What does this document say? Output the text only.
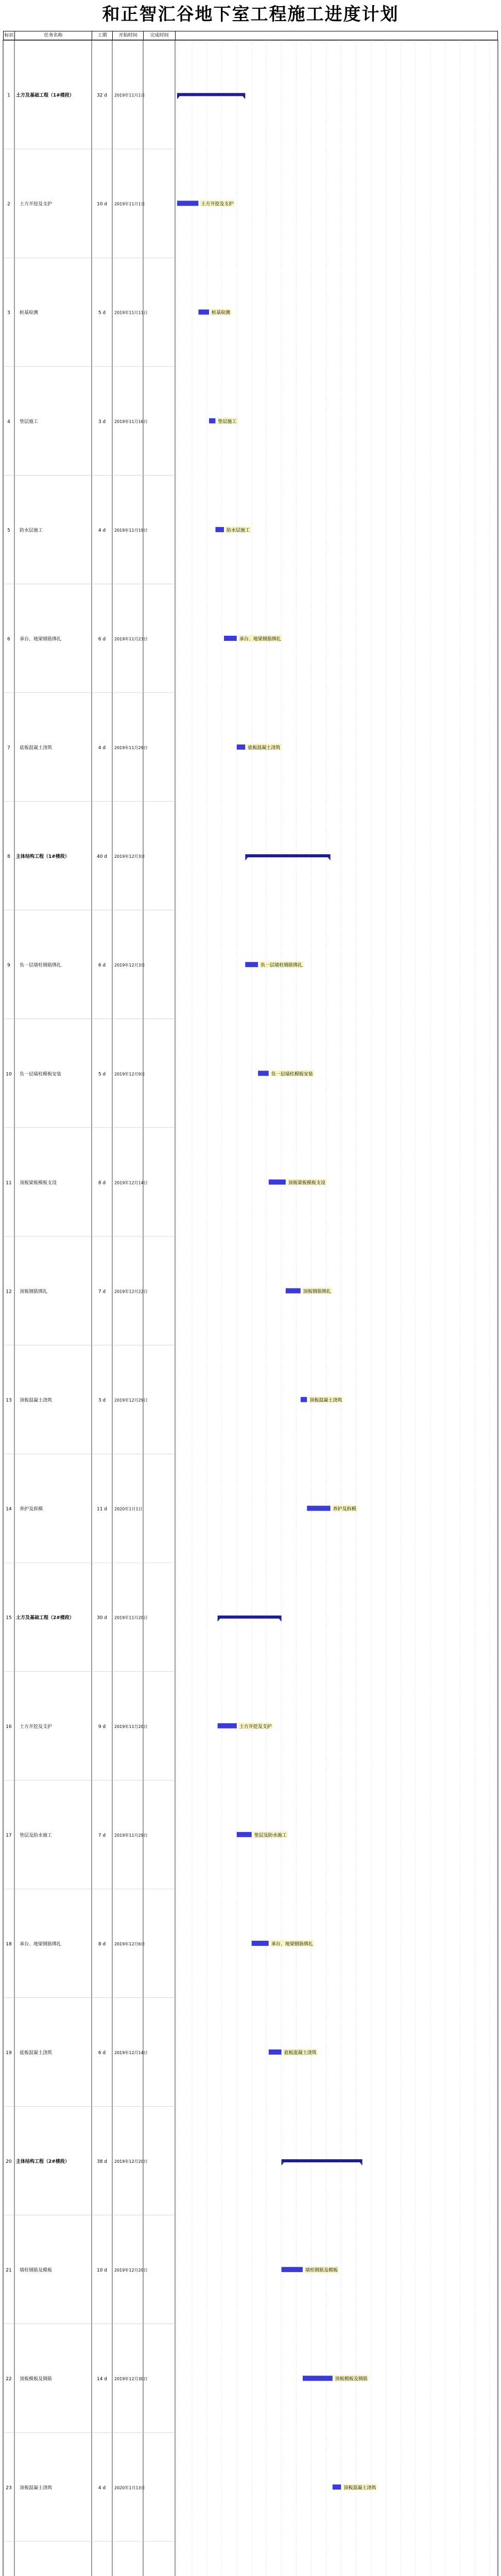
和正智汇谷地下室工程施工进度计划
标识	任务名称	工期	开始时间	完成时间
1 土方及基础工程（1#楼段）	32 d 2019年11月1日
2 土方开挖及支护	10 d 2019年11月1日	土方开挖及支护
3 桩基检测	5 d 2019年11月11日	桩基检测
4 垫层施工	3 d 2019年11月16日	垫层施工
5 防水层施工	4 d 2019年11月19日	防水层施工
6 承台、地梁钢筋绑扎	6 d 2019年11月23日	承台、地梁钢筋绑扎
7 底板混凝土浇筑	4 d 2019年11月29日	底板混凝土浇筑
8 主体结构工程（1#楼段）	40 d 2019年12月3日
9 负一层墙柱钢筋绑扎	6 d 2019年12月3日	负一层墙柱钢筋绑扎
10 负一层墙柱模板安装	5 d 2019年12月9日	负一层墙柱模板安装
11 顶板梁板模板支设	8 d 2019年12月14日	顶板梁板模板支设
12 顶板钢筋绑扎	7 d 2019年12月22日	顶板钢筋绑扎
13 顶板混凝土浇筑	3 d 2019年12月29日	顶板混凝土浇筑
14 养护及拆模	11 d 2020年1月1日	养护及拆模
15 土方及基础工程（2#楼段）	30 d 2019年11月20日
16 土方开挖及支护	9 d 2019年11月20日	土方开挖及支护
17 垫层及防水施工	7 d 2019年11月29日	垫层及防水施工
18 承台、地梁钢筋绑扎	8 d 2019年12月6日	承台、地梁钢筋绑扎
19 底板混凝土浇筑	6 d 2019年12月14日	底板混凝土浇筑
20 主体结构工程（2#楼段）	38 d 2019年12月20日
21 墙柱钢筋及模板	10 d 2019年12月20日	墙柱钢筋及模板
22 顶板模板及钢筋	14 d 2019年12月30日	顶板模板及钢筋
23 顶板混凝土浇筑	4 d 2020年1月13日	顶板混凝土浇筑
